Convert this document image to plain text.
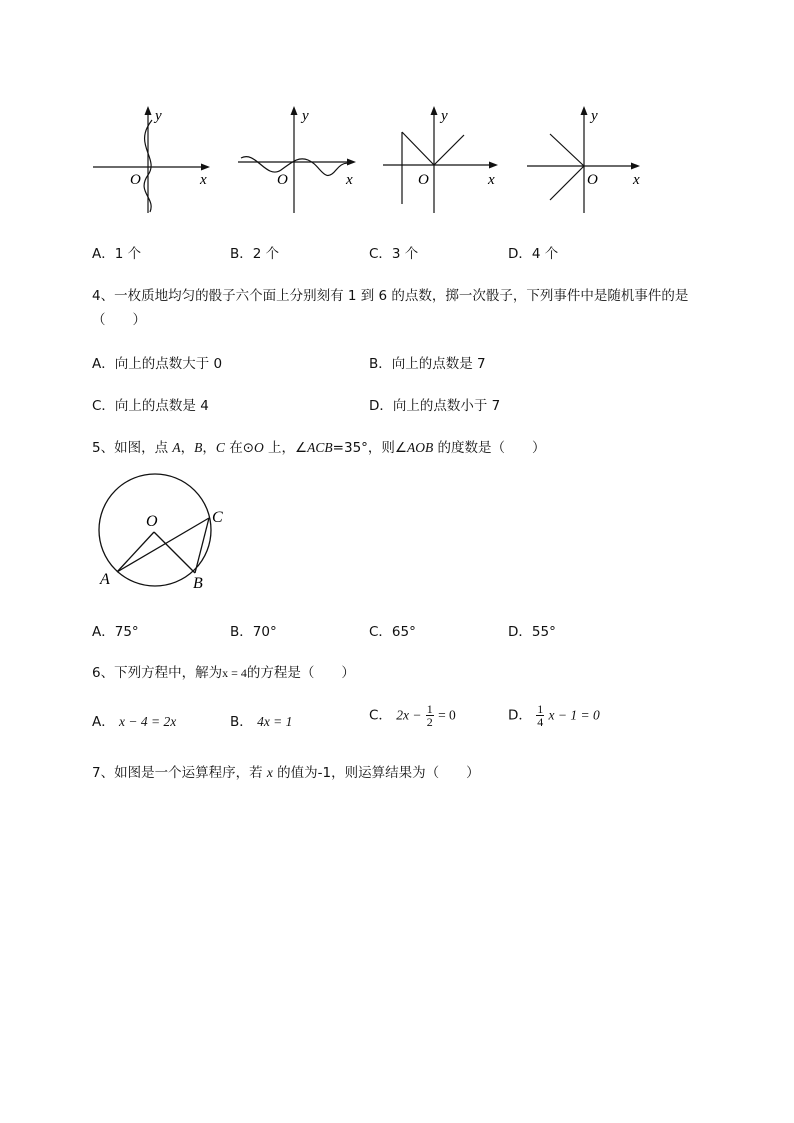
y
x
O
y
x
O
y
x
O
y
x
O
A．1 个	B．2 个	C．3 个	D．4 个
4、一枚质地均匀的骰子六个面上分别刻有 1 到 6 的点数，掷一次骰子，下列事件中是随机事件的是
（　　）
A．向上的点数大于 0	B．向上的点数是 7
C．向上的点数是 4	D．向上的点数小于 7
5、如图，点 A，B，C 在⊙O 上，∠ACB=35°，则∠AOB 的度数是（　　）
O	C
A	B
A．75°	B．70°	C．65°	D．55°
6、下列方程中，解为x = 4的方程是（　　）
A． x − 4 = 2x	B． 4x = 1	C． $2x - \frac{1}{2} = 0$	D． $\frac{1}{4}$ x − 1 = 0
7、如图是一个运算程序，若 x 的值为-1，则运算结果为（　　）
